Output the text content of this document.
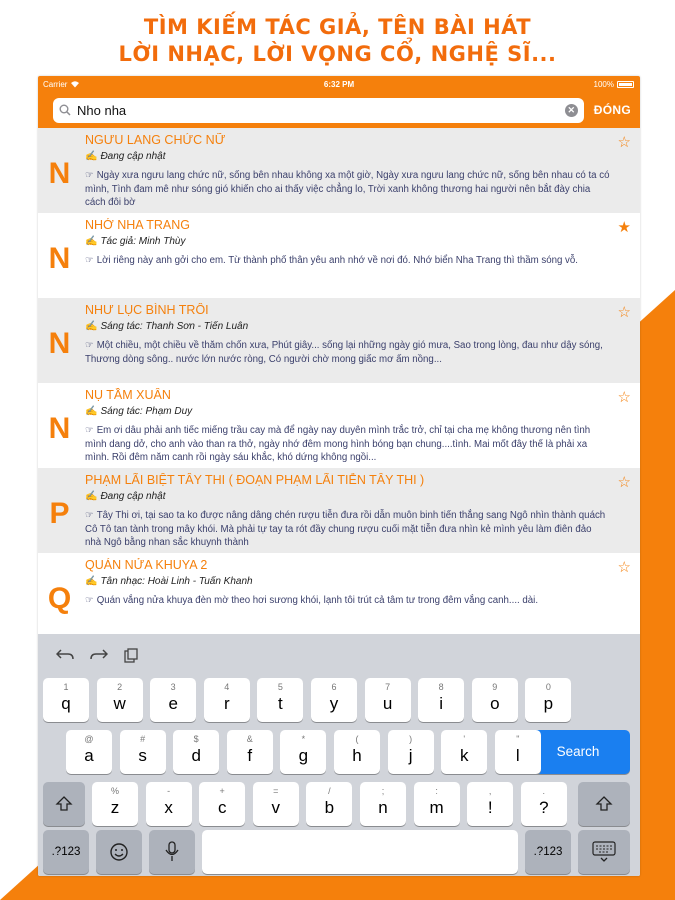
TÌM KIẾM TÁC GIẢ, TÊN BÀI HÁT
LỜI NHẠC, LỜI VỌNG CỔ, NGHỆ SĨ...
Carrier	6:32 PM	100%
Nho nha
✕ ĐÓNG
N
NGƯU LANG CHỨC NỮ
✍ Đang cập nhật
☞ Ngày xưa ngưu lang chức nữ, sống bên nhau không xa một giờ, Ngày xưa ngưu lang chức nữ, sống bên nhau có ta có mình, Tình đam mê như sóng gió khiến cho ai thấy việc chẳng lo, Trời xanh không thương hai người nên bắt đày chia cách đôi bờ
☆
N
NHỚ NHA TRANG
✍ Tác giả: Minh Thùy
☞ Lời riêng này anh gởi cho em. Từ thành phố thân yêu anh nhớ về nơi đó. Nhớ biển Nha Trang thì thầm sóng vỗ.
★
N
NHƯ LỤC BÌNH TRÔI
✍ Sáng tác: Thanh Sơn - Tiến Luân
☞ Một chiều, một chiều về thăm chốn xưa, Phút giây... sống lại những ngày gió mưa, Sao trong lòng, đau như dậy sóng, Thương dòng sông.. nước lớn nước ròng, Có người chờ mong giấc mơ ấm nồng...
☆
N
NỤ TẦM XUÂN
✍ Sáng tác: Phạm Duy
☞ Em ơi dâu phải anh tiếc miếng trầu cay mà để ngày nay duyên mình trắc trở, chỉ tại cha mẹ không thương nên tình mình dang dở, cho anh vào than ra thở, ngày nhớ đêm mong hình bóng bạn chung....tình. Mai mốt đây thế là phải xa mình. Rồi đêm năm canh rồi ngày sáu khắc, khó dứng không ngồi...
☆
P
PHẠM LÃI BIỆT TÂY THI ( ĐOẠN PHẠM LÃI TIỄN TÂY THI )
✍ Đang cập nhật
☞ Tây Thi ơi, tại sao ta ko được nâng dâng chén rượu tiễn đưa rồi dẫn muôn binh tiến thẳng sang Ngô nhìn thành quách Cô Tô tan tành trong mây khói. Mà phải tự tay ta rót đầy chung rượu cuối mặt tiễn đưa nhìn kẻ mình yêu làm điên đảo nhà Ngô bằng nhan sắc khuynh thành
☆
Q
QUÁN NỬA KHUYA 2
✍ Tân nhạc: Hoài Linh - Tuấn Khanh
☞ Quán vắng nửa khuya đèn mờ theo hơi sương khói, lạnh tôi trút cả tâm tư trong đêm vắng canh.... dài.
☆
1
q
2
w
3
e
4
r
5
t
6
y
7
u
8
i
9
o
0
p
Search
@
a
#
s
$
d
&
f
*
g
(
h
)
j
'
k
"
l
%
z
-
x
+
c
=
v
/
b
;
n
:
m
,
!
.
?
.?123	.?123
